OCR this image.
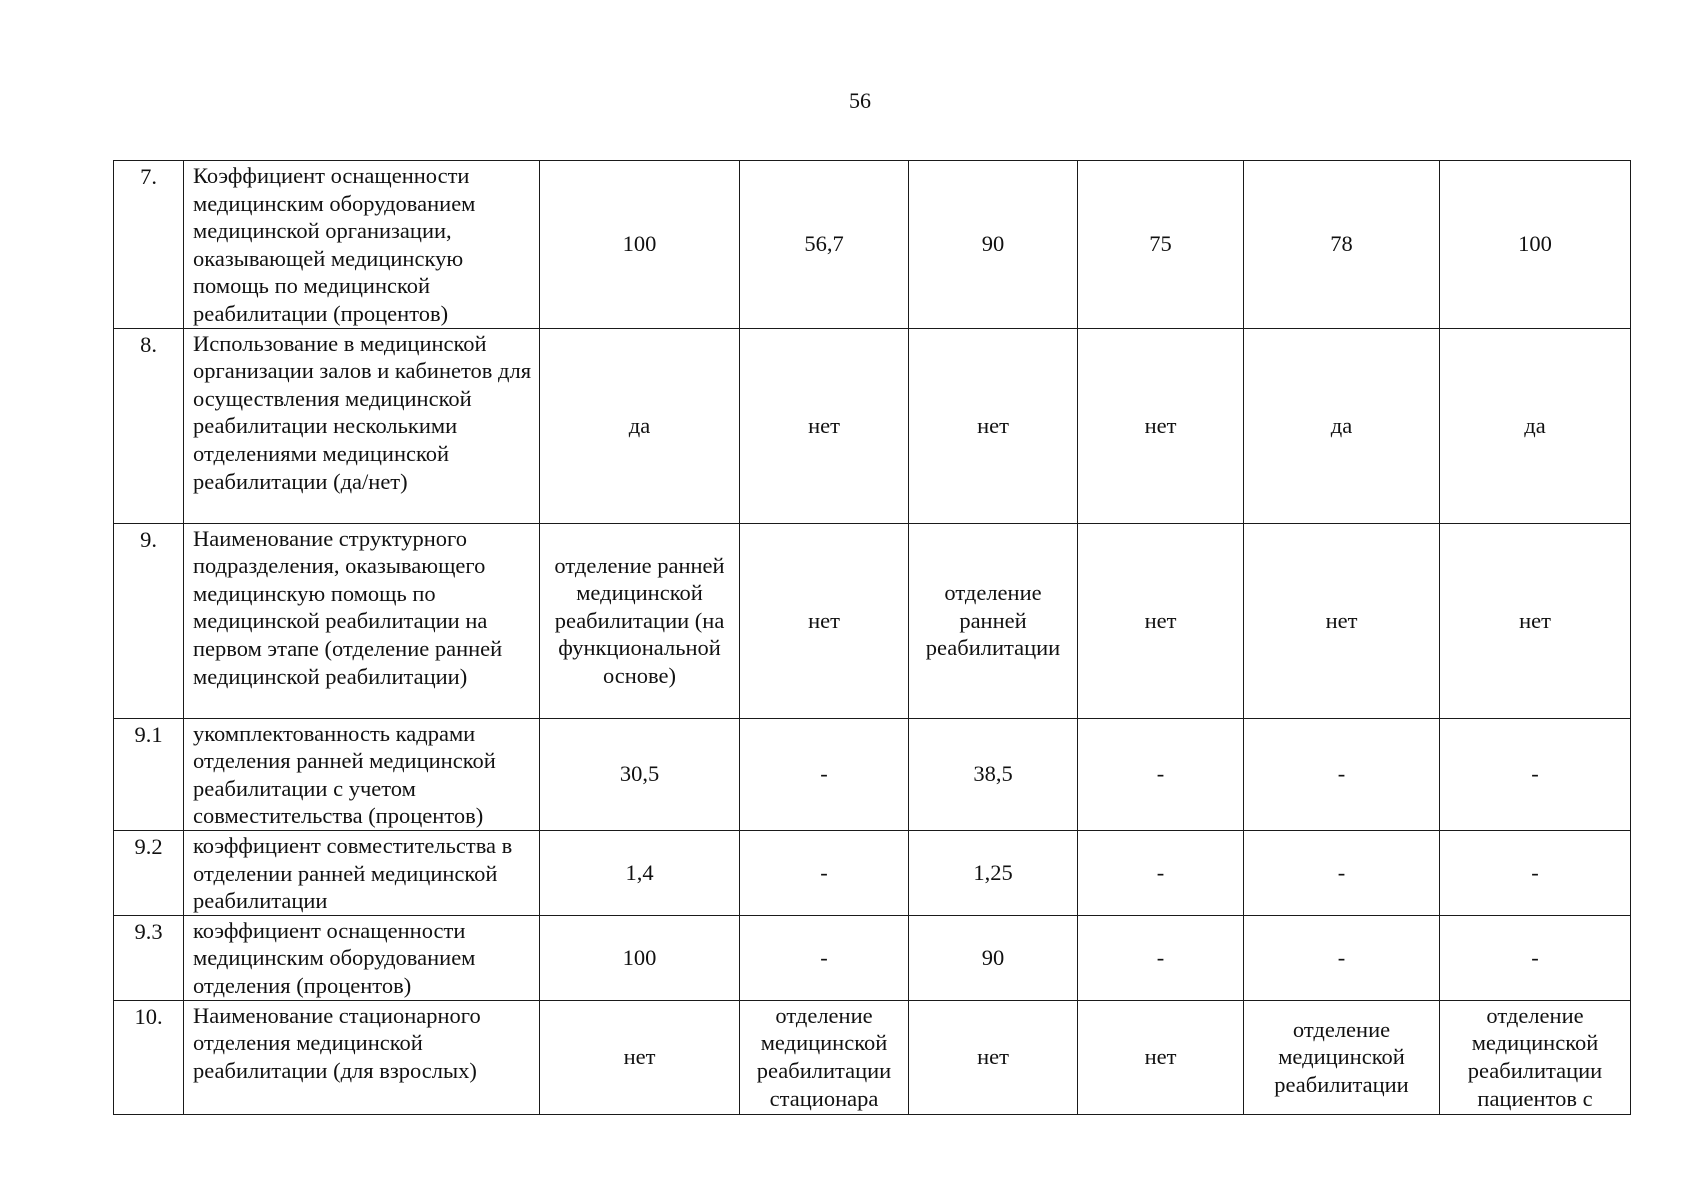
56
7.	Коэффициент оснащенности медицинским оборудованием медицинской организации, оказывающей медицинскую помощь по медицинской реабилитации (процентов)	100	56,7	90	75	78	100
8.	Использование в медицинской организации залов и кабинетов для осуществления медицинской реабилитации несколькими отделениями медицинской реабилитации (да/нет)	да	нет	нет	нет	да	да
9.	Наименование структурного подразделения, оказывающего медицинскую помощь по медицинской реабилитации на первом этапе (отделение ранней медицинской реабилитации)	отделение ранней медицинской реабилитации (на функциональной основе)	нет	отделение ранней реабилитации	нет	нет	нет
9.1	укомплектованность кадрами отделения ранней медицинской реабилитации с учетом совместительства (процентов)	30,5	-	38,5	-	-	-
9.2	коэффициент совместительства в отделении ранней медицинской реабилитации	1,4	-	1,25	-	-	-
9.3	коэффициент оснащенности медицинским оборудованием отделения (процентов)	100	-	90	-	-	-
10.	Наименование стационарного отделения медицинской реабилитации (для взрослых)	нет	отделение медицинской реабилитации стационара	нет	нет	отделение медицинской реабилитации	отделение медицинской реабилитации пациентов с
